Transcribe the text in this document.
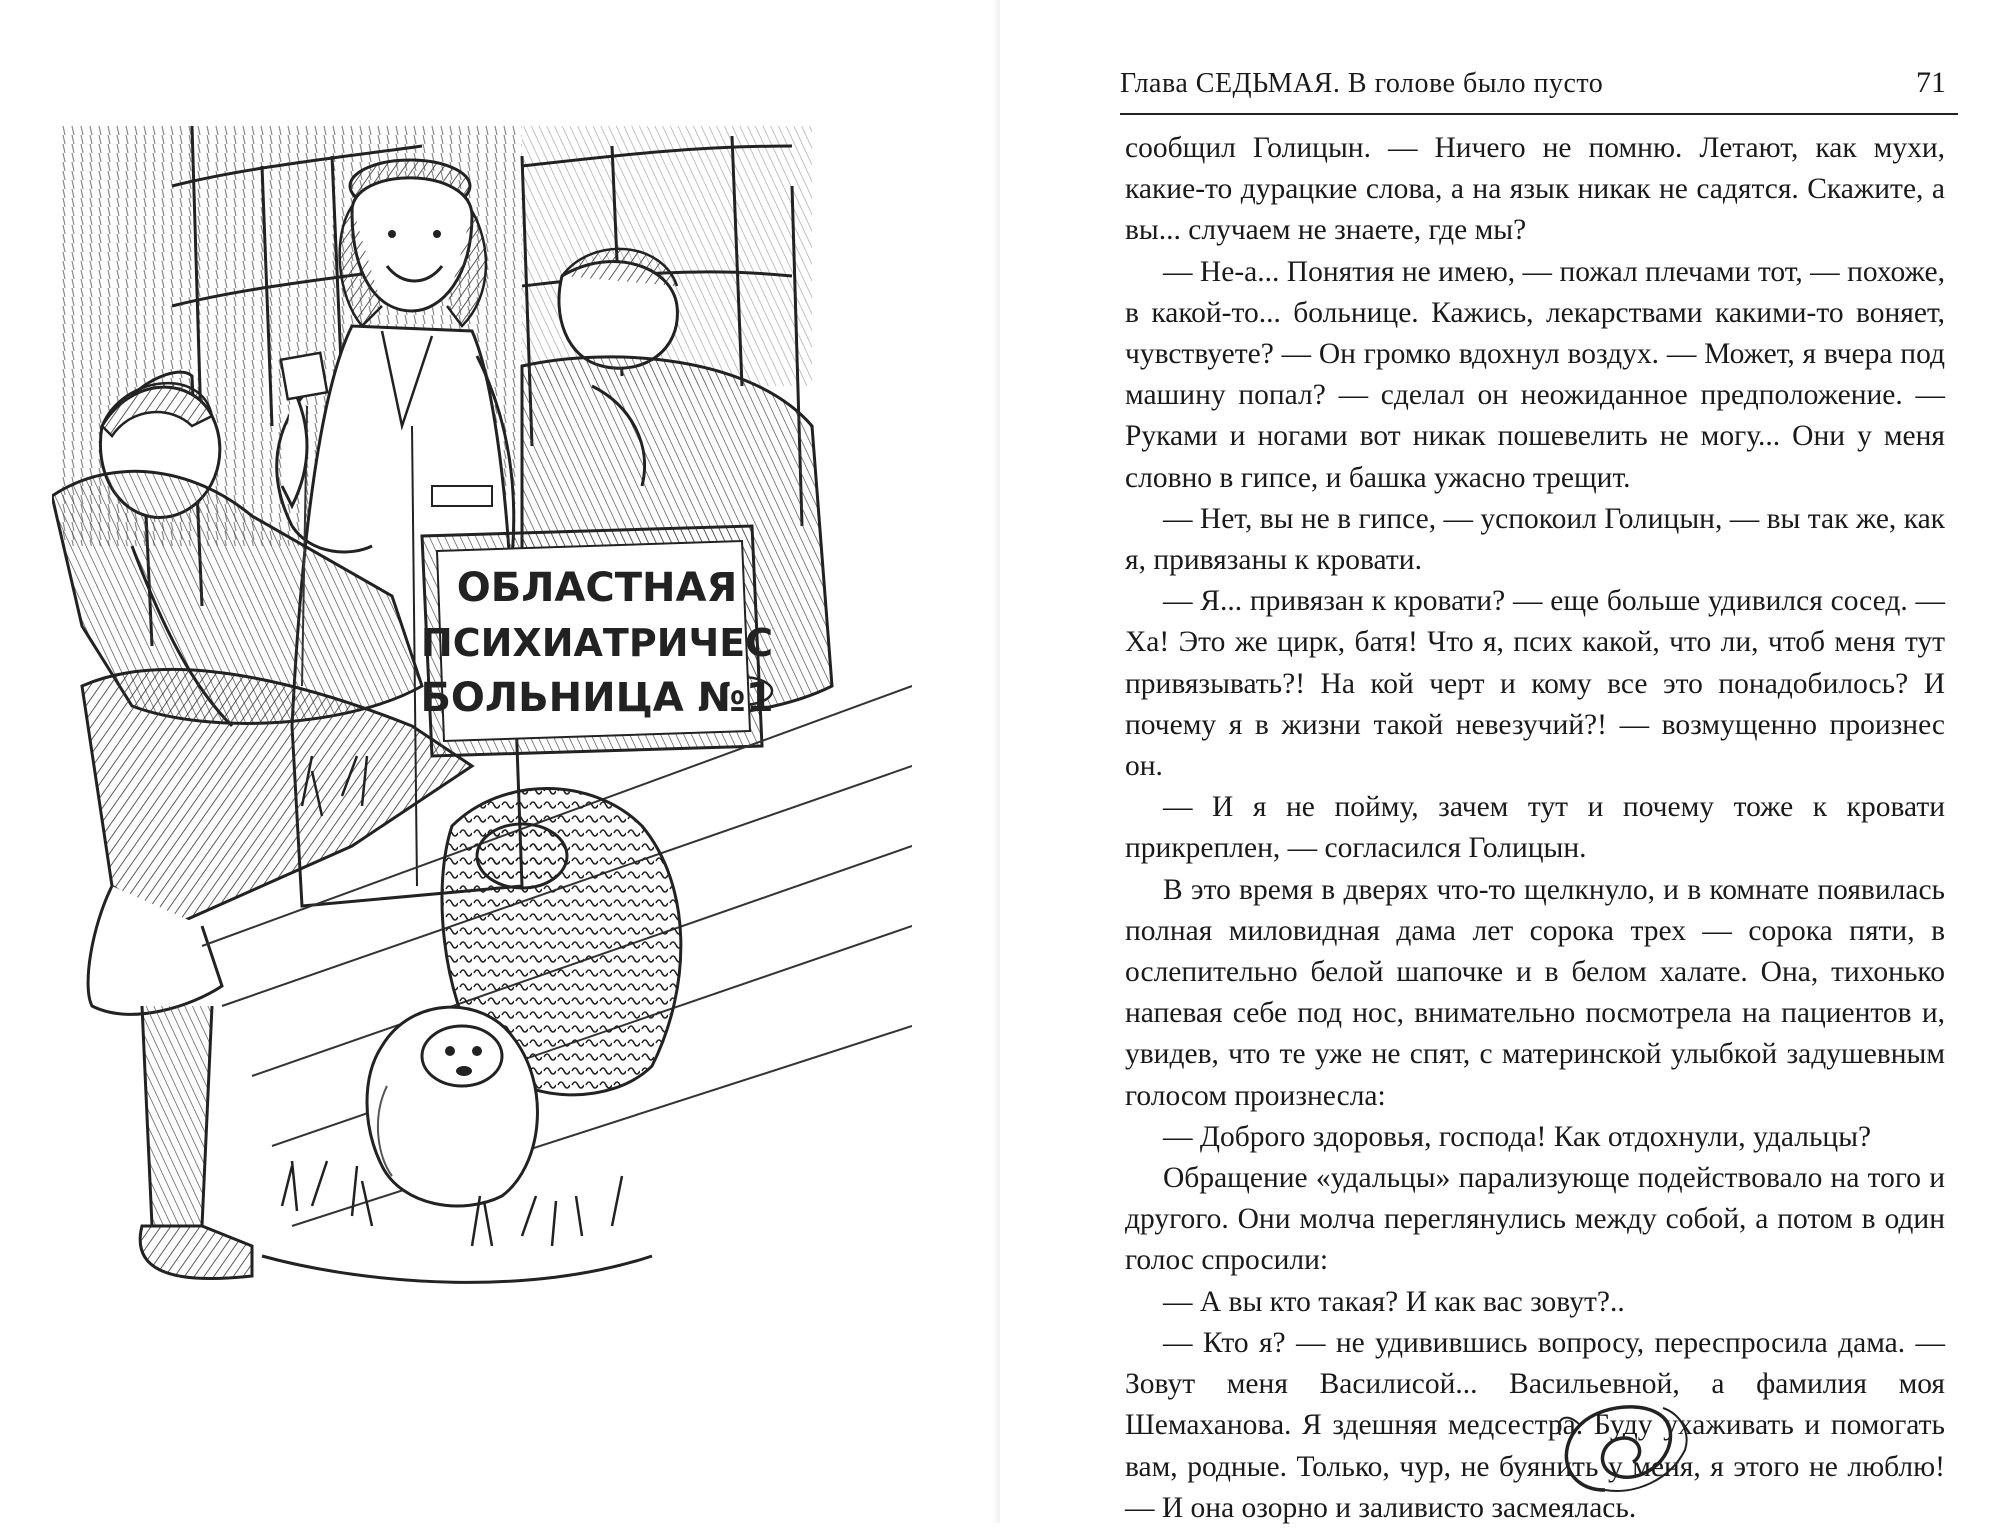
ОБЛАСТНАЯ
ПСИХИАТРИЧЕС
БОЛЬНИЦА №1
Глава СЕДЬМАЯ. В голове было пусто	71

сообщил Голицын. — Ничего не помню. Летают, как мухи, какие-то дурацкие слова, а на язык никак не садятся. Скажите, а вы... случаем не знаете, где мы?

— Не-а... Понятия не имею, — пожал плечами тот, — похоже, в какой-то... больнице. Кажись, лекарствами какими-то воняет, чувствуете? — Он громко вдохнул воздух. — Может, я вчера под машину попал? — сделал он неожиданное предположение. — Руками и ногами вот никак пошевелить не могу... Они у меня словно в гипсе, и башка ужасно трещит.

— Нет, вы не в гипсе, — успокоил Голицын, — вы так же, как я, привязаны к кровати.

— Я... привязан к кровати? — еще больше удивился сосед. — Ха! Это же цирк, батя! Что я, псих какой, что ли, чтоб меня тут привязывать?! На кой черт и кому все это понадобилось? И почему я в жизни такой невезучий?! — возмущенно произнес он.

— И я не пойму, зачем тут и почему тоже к кровати прикреплен, — согласился Голицын.

В это время в дверях что-то щелкнуло, и в комнате появилась полная миловидная дама лет сорока трех — сорока пяти, в ослепительно белой шапочке и в белом халате. Она, тихонько напевая себе под нос, внимательно посмотрела на пациентов и, увидев, что те уже не спят, с материнской улыбкой задушевным голосом произнесла:

— Доброго здоровья, господа! Как отдохнули, удальцы?

Обращение «удальцы» парализующе подействовало на того и другого. Они молча переглянулись между собой, а потом в один голос спросили:

— А вы кто такая? И как вас зовут?..

— Кто я? — не удивившись вопросу, переспросила дама. — Зовут меня Василисой... Васильевной, а фамилия моя Шемаханова. Я здешняя медсестра. Буду ухаживать и помогать вам, родные. Только, чур, не буянить у меня, я этого не люблю! — И она озорно и заливисто засмеялась.
